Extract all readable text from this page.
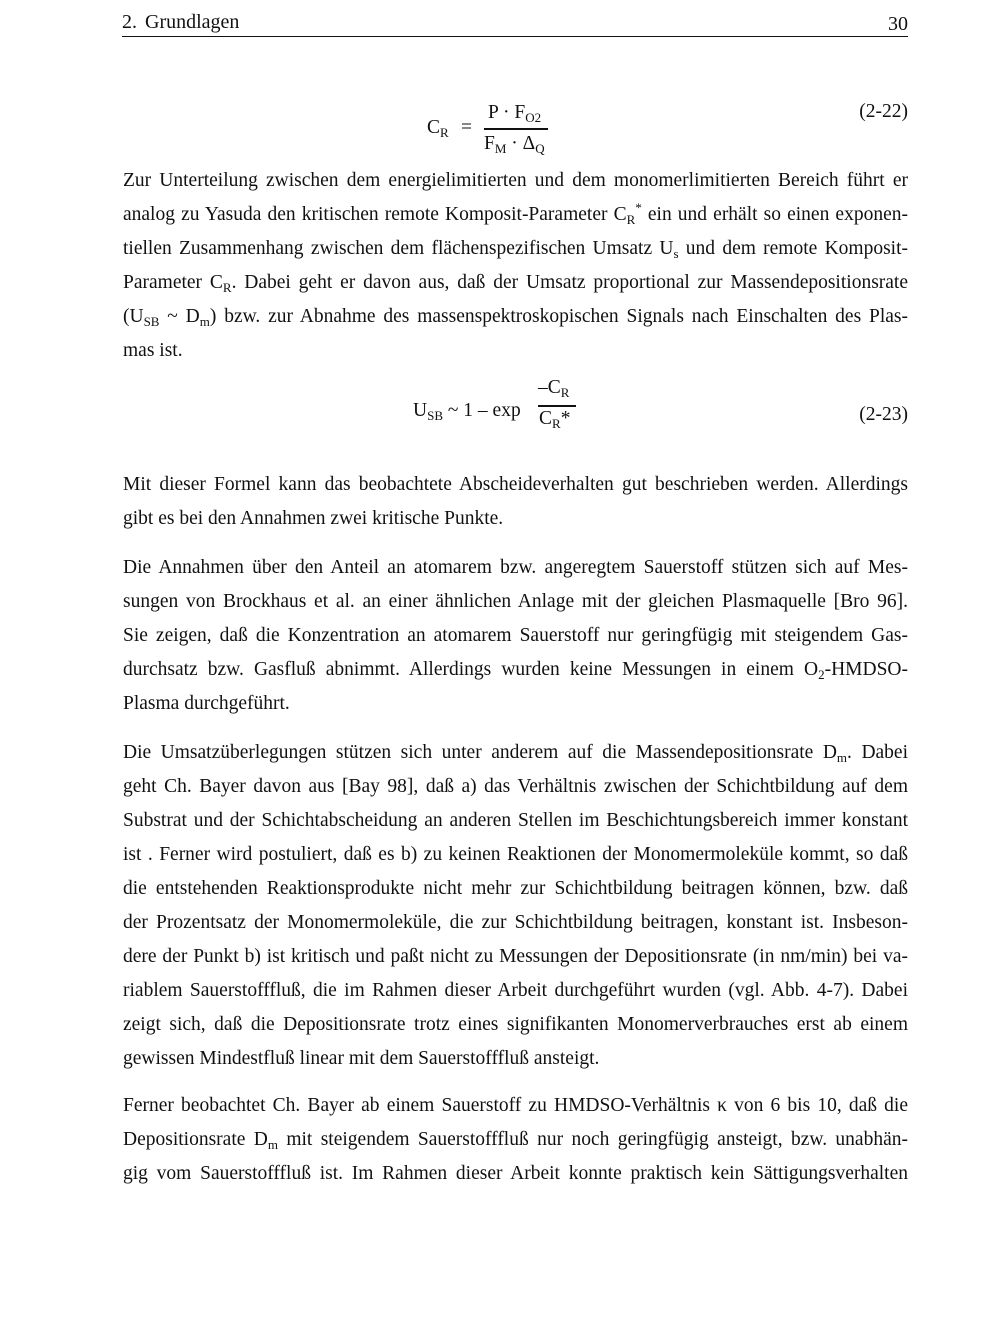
2. Grundlagen	30
$C_R$ =
$P \cdot F_{O2}$
$F_M \cdot \Delta_Q$
(2-22)
Zur Unterteilung zwischen dem energielimitierten und dem monomerlimitierten Bereich führt er
analog zu Yasuda den kritischen remote Komposit-Parameter $C_R^*$ ein und erhält so einen exponen-
tiellen Zusammenhang zwischen dem flächenspezifischen Umsatz $U_s$ und dem remote Komposit-
Parameter $C_R$. Dabei geht er davon aus, daß der Umsatz proportional zur Massendepositionsrate
($U_{SB}$ ~ $D_m$) bzw. zur Abnahme des massenspektroskopischen Signals nach Einschalten des Plas-
mas ist.
$U_{SB}$ ~ 1 – exp
$-C_R$
$C_R*$	(2-23)
Mit dieser Formel kann das beobachtete Abscheideverhalten gut beschrieben werden. Allerdings
gibt es bei den Annahmen zwei kritische Punkte.
Die Annahmen über den Anteil an atomarem bzw. angeregtem Sauerstoff stützen sich auf Mes-
sungen von Brockhaus et al. an einer ähnlichen Anlage mit der gleichen Plasmaquelle [Bro 96].
Sie zeigen, daß die Konzentration an atomarem Sauerstoff nur geringfügig mit steigendem Gas-
durchsatz bzw. Gasfluß abnimmt. Allerdings wurden keine Messungen in einem $O_2-HMDSO-$
Plasma durchgeführt.
Die Umsatzüberlegungen stützen sich unter anderem auf die Massendepositionsrate $D_m$. Dabei
geht Ch. Bayer davon aus [Bay 98], daß a) das Verhältnis zwischen der Schichtbildung auf dem
Substrat und der Schichtabscheidung an anderen Stellen im Beschichtungsbereich immer konstant
ist . Ferner wird postuliert, daß es b) zu keinen Reaktionen der Monomermoleküle kommt, so daß
die entstehenden Reaktionsprodukte nicht mehr zur Schichtbildung beitragen können, bzw. daß
der Prozentsatz der Monomermoleküle, die zur Schichtbildung beitragen, konstant ist. Insbeson-
dere der Punkt b) ist kritisch und paßt nicht zu Messungen der Depositionsrate (in nm/min) bei va-
riablem Sauerstofffluß, die im Rahmen dieser Arbeit durchgeführt wurden (vgl. Abb. 4-7). Dabei
zeigt sich, daß die Depositionsrate trotz eines signifikanten Monomerverbrauches erst ab einem
gewissen Mindestfluß linear mit dem Sauerstofffluß ansteigt.
Ferner beobachtet Ch. Bayer ab einem Sauerstoff zu HMDSO-Verhältnis κ von 6 bis 10, daß die
Depositionsrate $D_m$ mit steigendem Sauerstofffluß nur noch geringfügig ansteigt, bzw. unabhän-
gig vom Sauerstofffluß ist. Im Rahmen dieser Arbeit konnte praktisch kein Sättigungsverhalten
